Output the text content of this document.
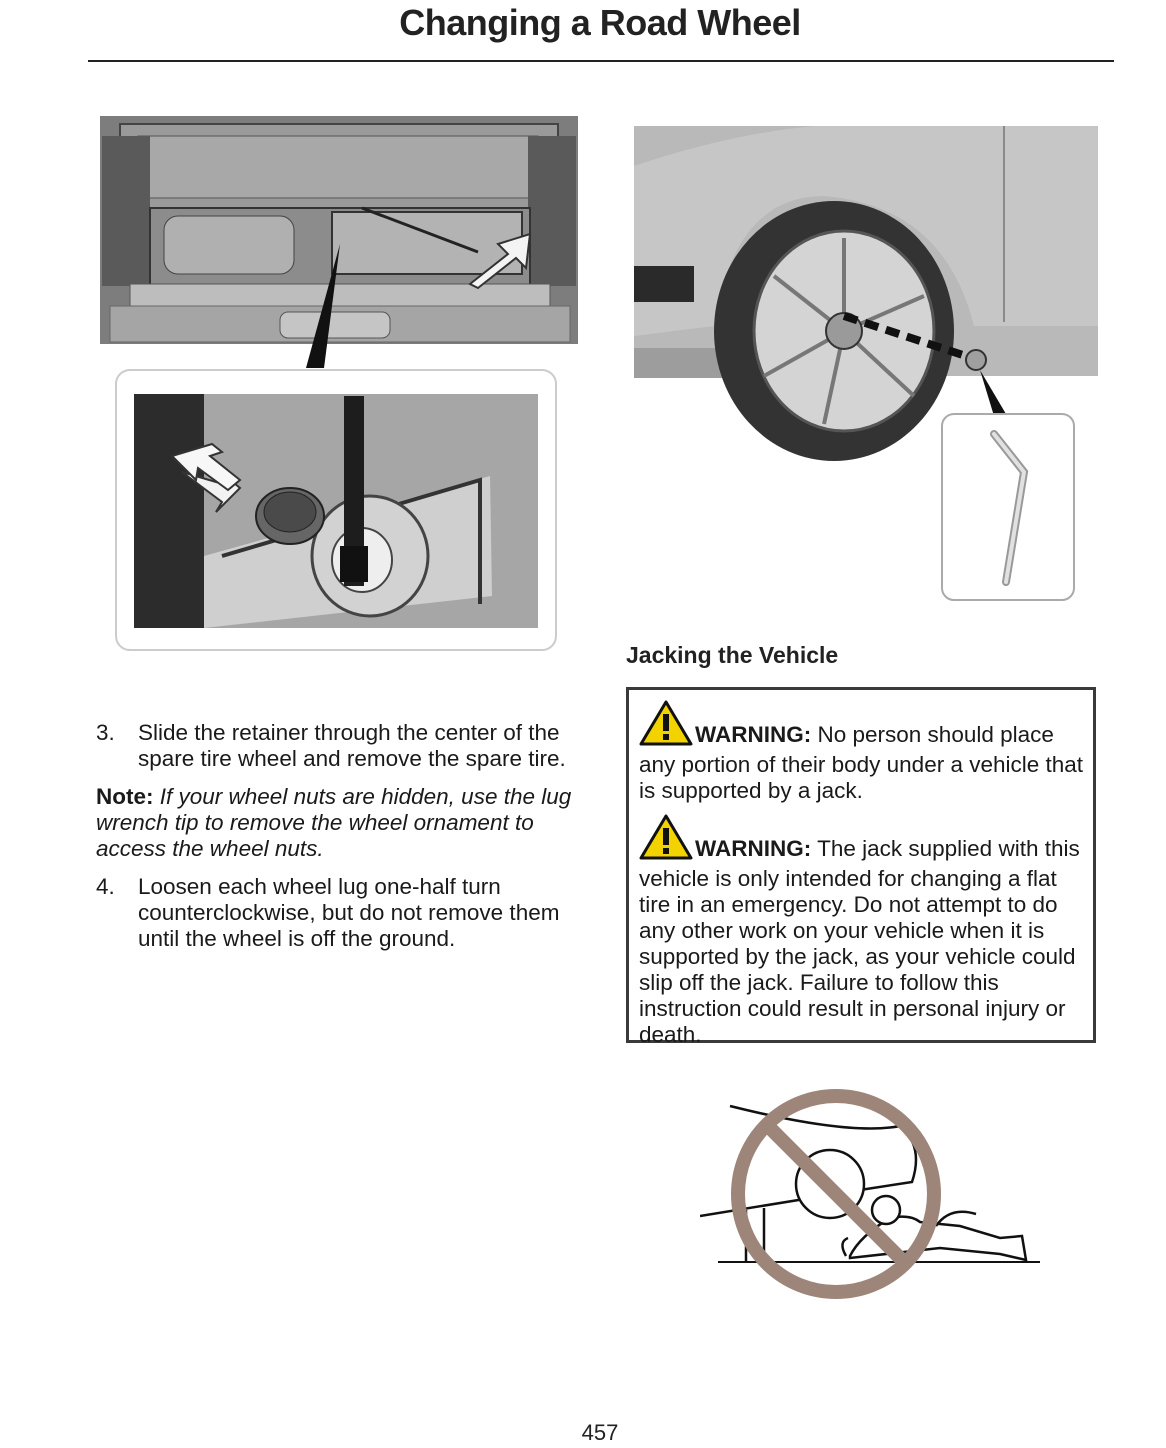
Changing a Road Wheel
3.	Slide the retainer through the center of the spare tire wheel and remove the spare tire.

Note: If your wheel nuts are hidden, use the lug wrench tip to remove the wheel ornament to access the wheel nuts.

4.	Loosen each wheel lug one-half turn counterclockwise, but do not remove them until the wheel is off the ground.
Jacking the Vehicle

WARNING: No person should place any portion of their body under a vehicle that is supported by a jack.

WARNING: The jack supplied with this vehicle is only intended for changing a flat tire in an emergency. Do not attempt to do any other work on your vehicle when it is supported by the jack, as your vehicle could slip off the jack. Failure to follow this instruction could result in personal injury or death.

457
